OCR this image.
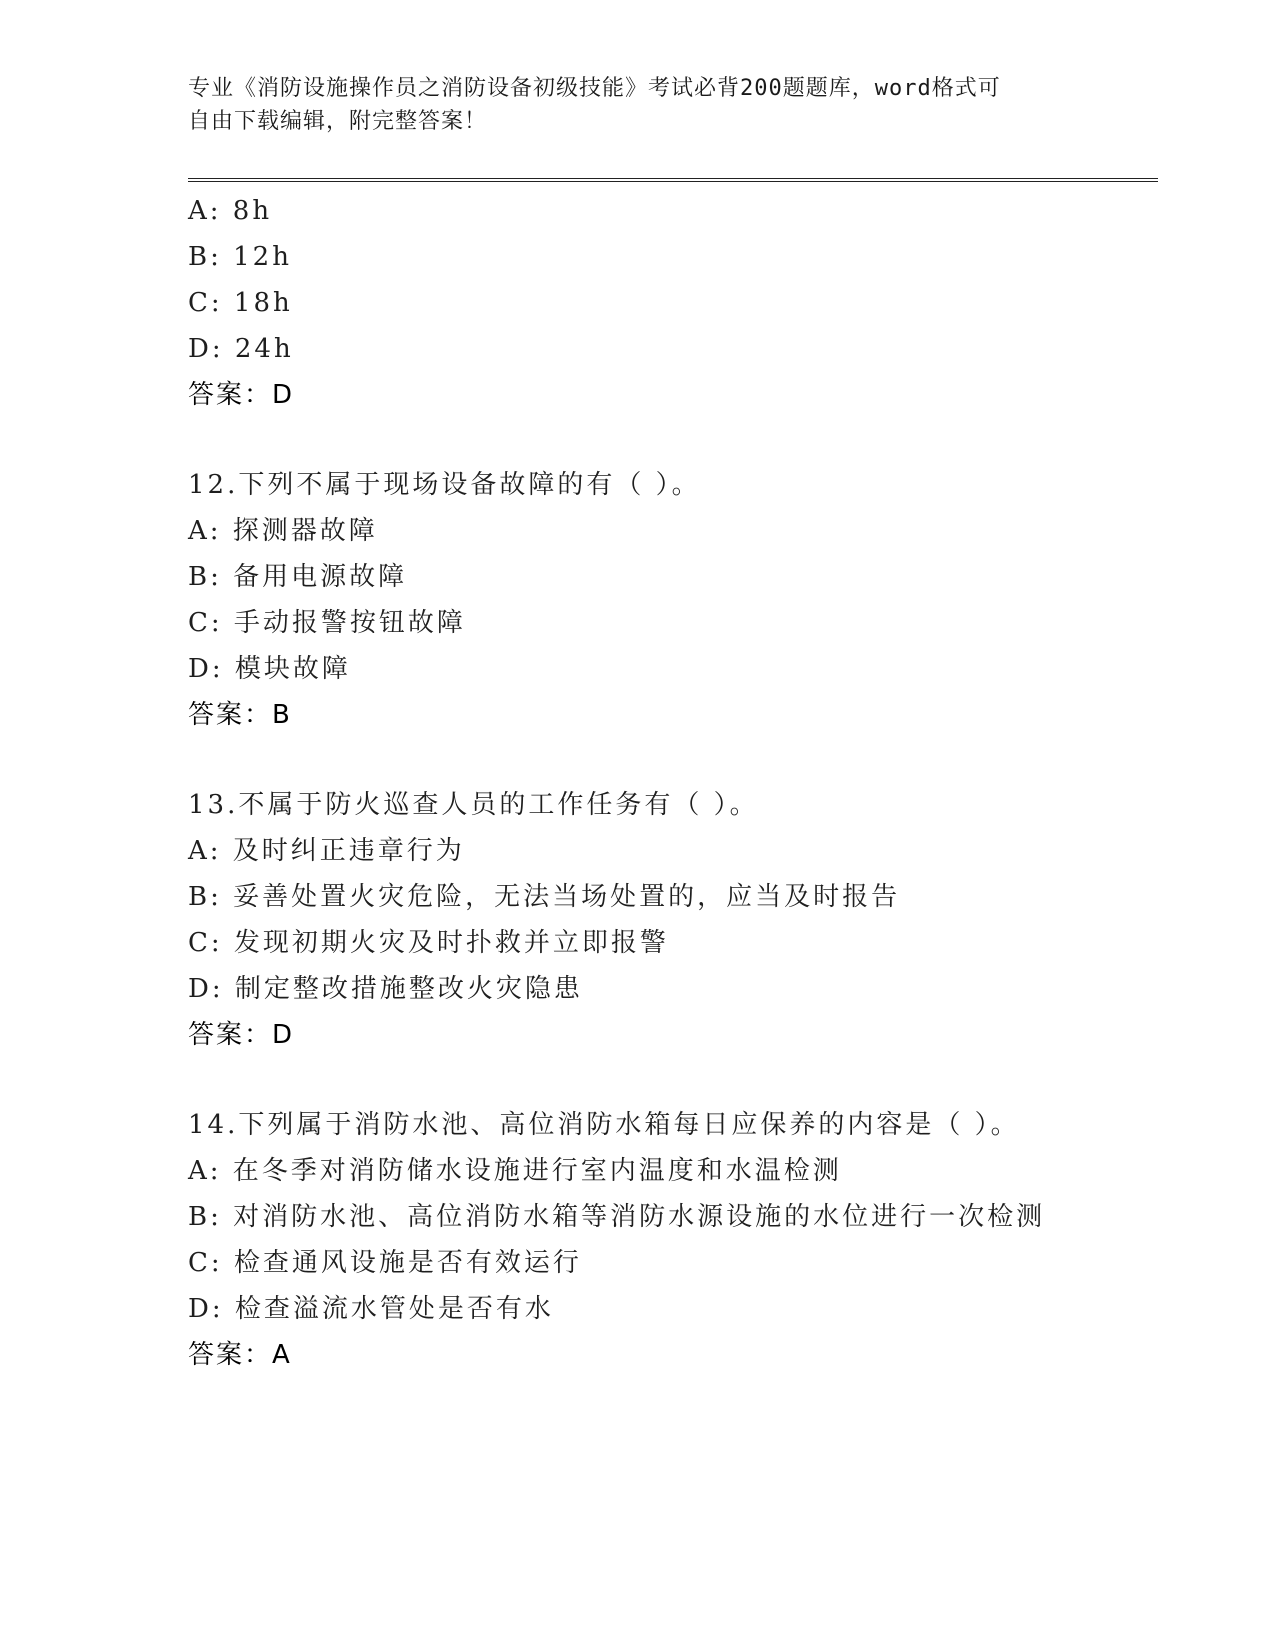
专业《消防设施操作员之消防设备初级技能》考试必背200题题库，word格式可
自由下载编辑，附完整答案！
A: 8h
B: 12h
C: 18h
D: 24h
答案：D
12.下列不属于现场设备故障的有（ ）。
A: 探测器故障
B: 备用电源故障
C: 手动报警按钮故障
D: 模块故障
答案：B
13.不属于防火巡查人员的工作任务有（ ）。
A: 及时纠正违章行为
B: 妥善处置火灾危险，无法当场处置的，应当及时报告
C: 发现初期火灾及时扑救并立即报警
D: 制定整改措施整改火灾隐患
答案：D
14.下列属于消防水池、高位消防水箱每日应保养的内容是（ ）。
A: 在冬季对消防储水设施进行室内温度和水温检测
B: 对消防水池、高位消防水箱等消防水源设施的水位进行一次检测
C: 检查通风设施是否有效运行
D: 检查溢流水管处是否有水
答案：A
